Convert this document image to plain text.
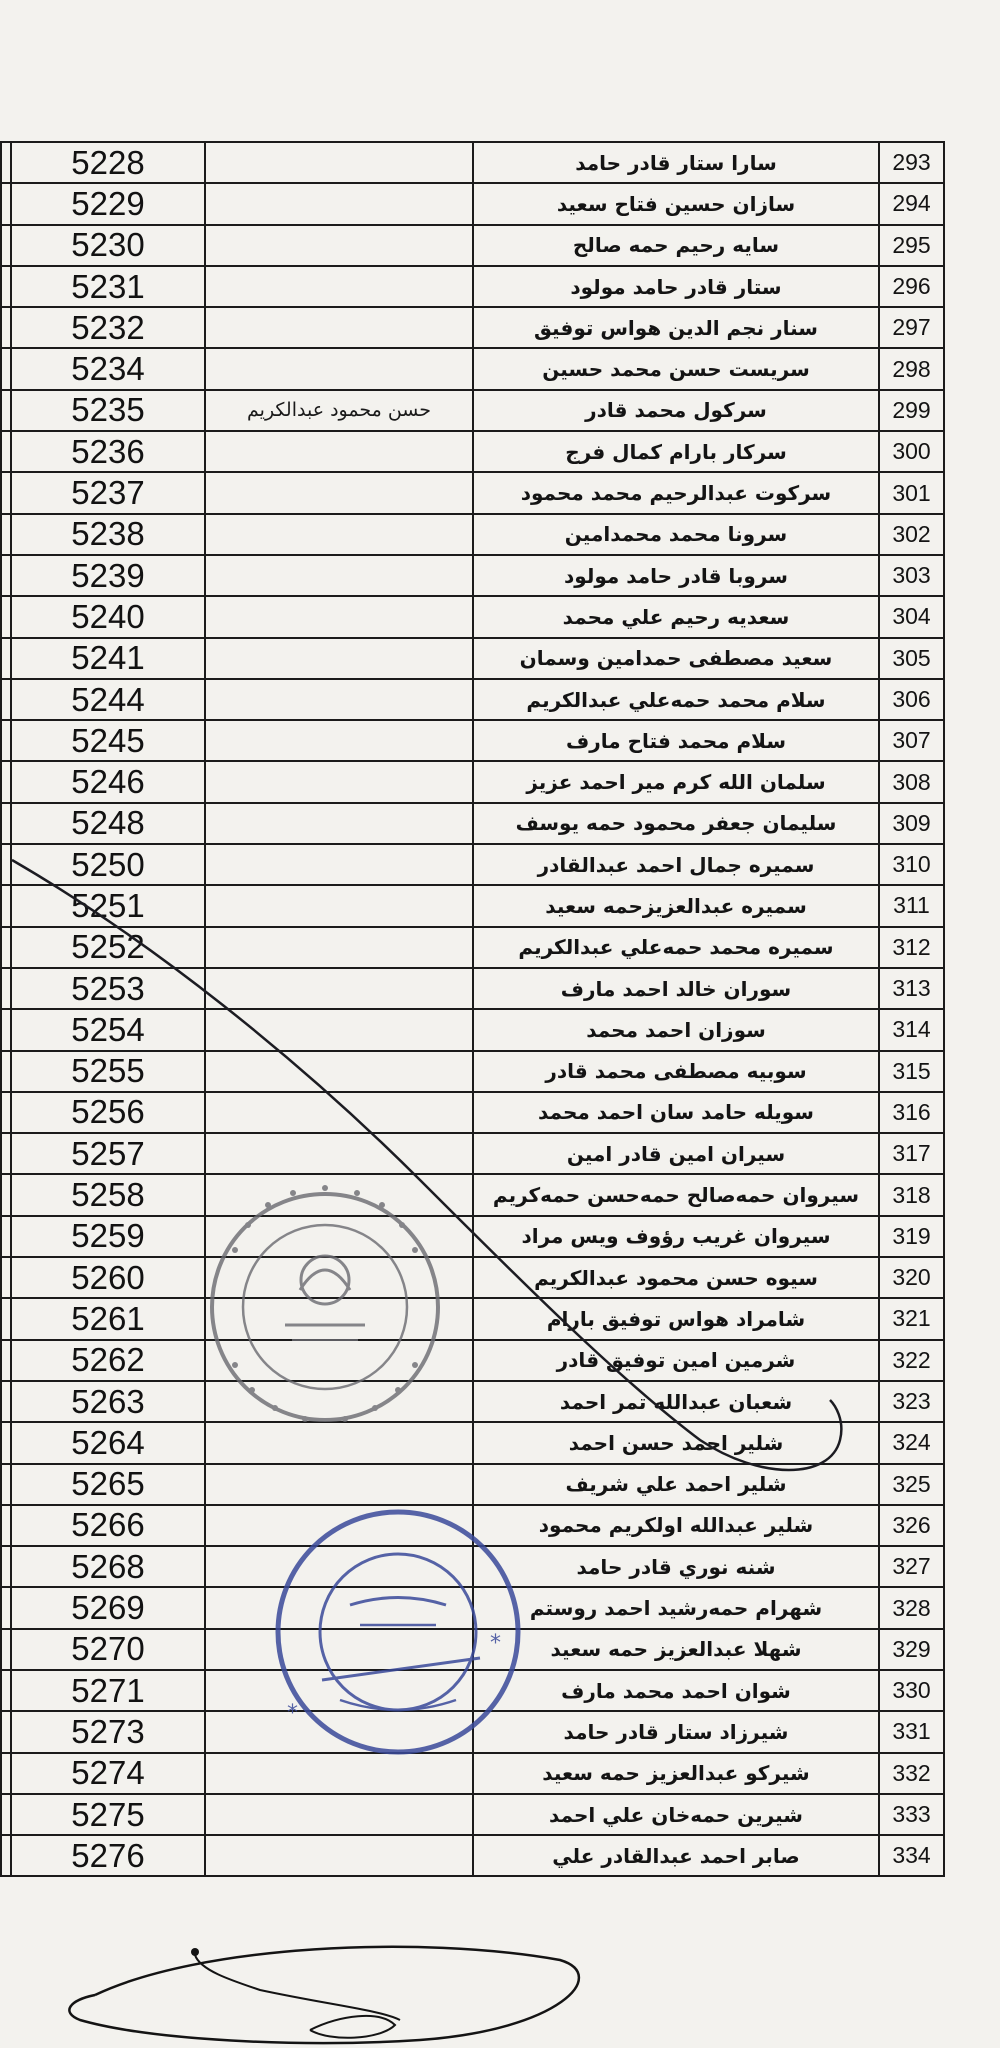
	5228		سارا ستار قادر حامد	293
	5229		سازان حسين فتاح سعيد	294
	5230		سايه رحيم حمه صالح	295
	5231		ستار قادر حامد مولود	296
	5232		سنار نجم الدين هواس توفيق	297
	5234		سريست حسن محمد حسين	298
	5235	حسن محمود عبدالكريم	سركول محمد قادر	299
	5236		سركار بارام كمال فرج	300
	5237		سركوت عبدالرحيم محمد محمود	301
	5238		سرونا محمد محمدامين	302
	5239		سروبا قادر حامد مولود	303
	5240		سعديه رحيم علي محمد	304
	5241		سعيد مصطفى حمدامين وسمان	305
	5244		سلام محمد حمه‌علي عبدالكريم	306
	5245		سلام محمد فتاح مارف	307
	5246		سلمان الله كرم مير احمد عزيز	308
	5248		سليمان جعفر محمود حمه يوسف	309
	5250		سميره جمال احمد عبدالقادر	310
	5251		سميره عبدالعزيزحمه سعيد	311
	5252		سميره محمد حمه‌علي عبدالكريم	312
	5253		سوران خالد احمد مارف	313
	5254		سوزان احمد محمد	314
	5255		سوبيه مصطفى محمد قادر	315
	5256		سويله حامد سان احمد محمد	316
	5257		سيران امين قادر امين	317
	5258		سيروان حمه‌صالح حمه‌حسن حمه‌كريم	318
	5259		سيروان غريب رؤوف ويس مراد	319
	5260		سيوه حسن محمود عبدالكريم	320
	5261		شامراد هواس توفيق بارام	321
	5262		شرمين امين توفيق قادر	322
	5263		شعبان عبدالله تمر احمد	323
	5264		شلير احمد حسن احمد	324
	5265		شلير احمد علي شريف	325
	5266		شلير عبدالله اولكريم محمود	326
	5268		شنه نوري قادر حامد	327
	5269		شهرام حمه‌رشيد احمد روستم	328
	5270		شهلا عبدالعزيز حمه سعيد	329
	5271		شوان احمد محمد مارف	330
	5273		شيرزاد ستار قادر حامد	331
	5274		شيركو عبدالعزيز حمه سعيد	332
	5275		شيرين حمه‌خان علي احمد	333
	5276		صابر احمد عبدالقادر علي	334
*
*
